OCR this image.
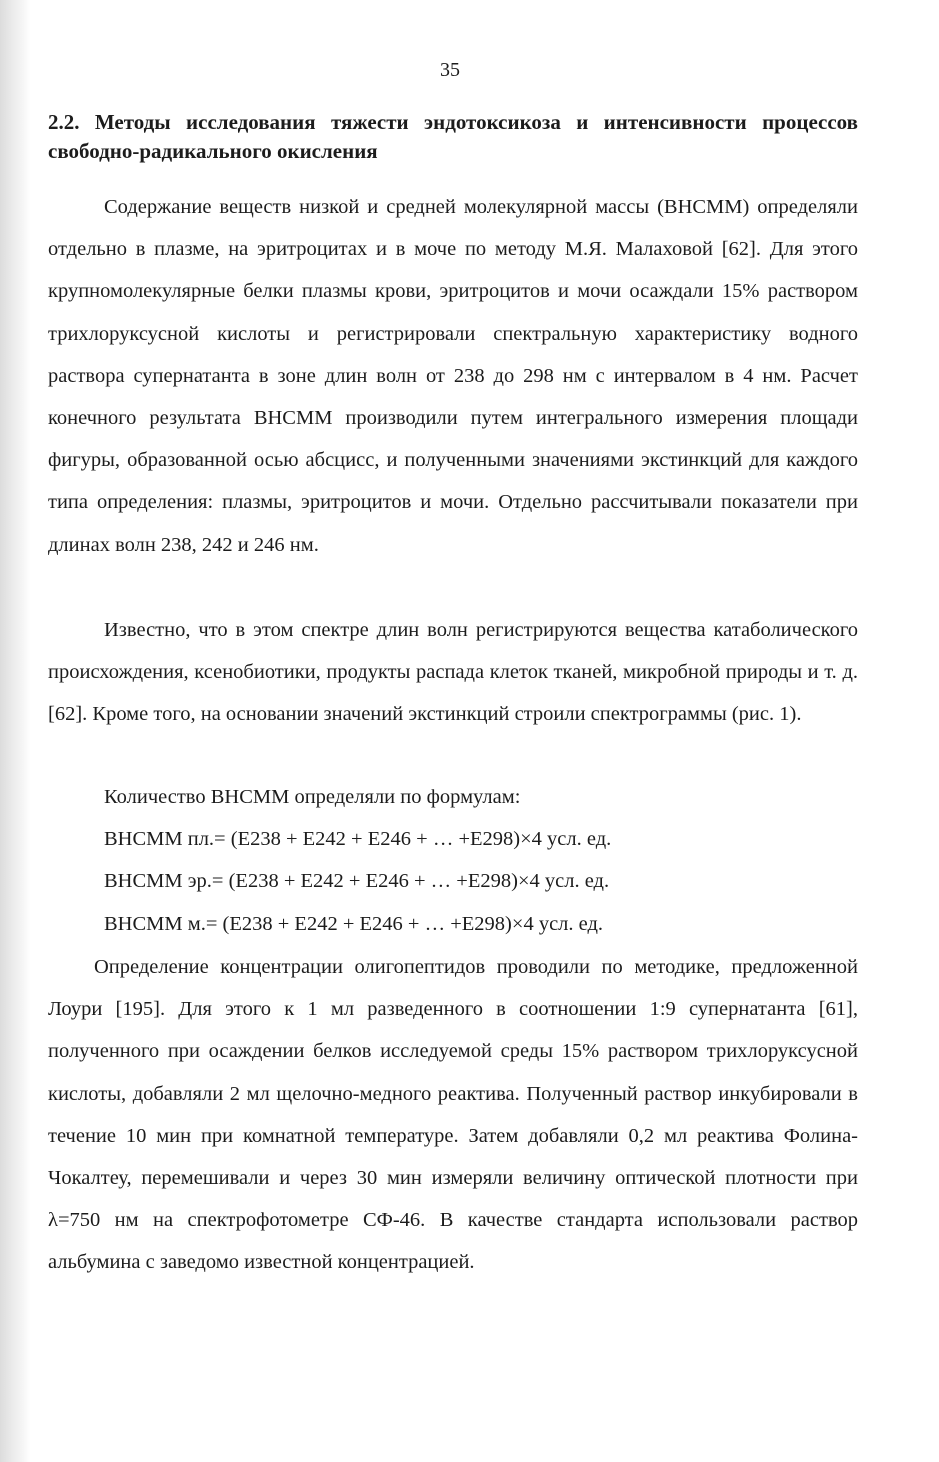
35

2.2. Методы исследования тяжести эндотоксикоза и интенсивности процессов свободно-радикального окисления

Содержание веществ низкой и средней молекулярной массы (ВНСММ) определяли отдельно в плазме, на эритроцитах и в моче по методу М.Я. Малаховой [62]. Для этого крупномолекулярные белки плазмы крови, эритроцитов и мочи осаждали 15% раствором трихлоруксусной кислоты и регистрировали спектральную характеристику водного раствора супернатанта в зоне длин волн от 238 до 298 нм с интервалом в 4 нм. Расчет конечного результата ВНСММ производили путем интегрального измерения площади фигуры, образованной осью абсцисс, и полученными значениями экстинкций для каждого типа определения: плазмы, эритроцитов и мочи. Отдельно рассчитывали показатели при длинах волн 238, 242 и 246 нм.

Известно, что в этом спектре длин волн регистрируются вещества катаболического происхождения, ксенобиотики, продукты распада клеток тканей, микробной природы и т. д. [62]. Кроме того, на основании значений экстинкций строили спектрограммы (рис. 1).

Количество ВНСММ определяли по формулам:
ВНСММ пл.= (Е238 + Е242 + Е246 + … +Е298)×4 усл. ед.
ВНСММ эр.= (Е238 + Е242 + Е246 + … +Е298)×4 усл. ед.
ВНСММ м.= (Е238 + Е242 + Е246 + … +Е298)×4 усл. ед.

Определение концентрации олигопептидов проводили по методике, предложенной Лоури [195]. Для этого к 1 мл разведенного в соотношении 1:9 супернатанта [61], полученного при осаждении белков исследуемой среды 15% раствором трихлоруксусной кислоты, добавляли 2 мл щелочно-медного реактива. Полученный раствор инкубировали в течение 10 мин при комнатной температуре. Затем добавляли 0,2 мл реактива Фолина-Чокалтеу, перемешивали и через 30 мин измеряли величину оптической плотности при λ=750 нм на спектрофотометре СФ-46. В качестве стандарта использовали раствор альбумина с заведомо известной концентрацией.
